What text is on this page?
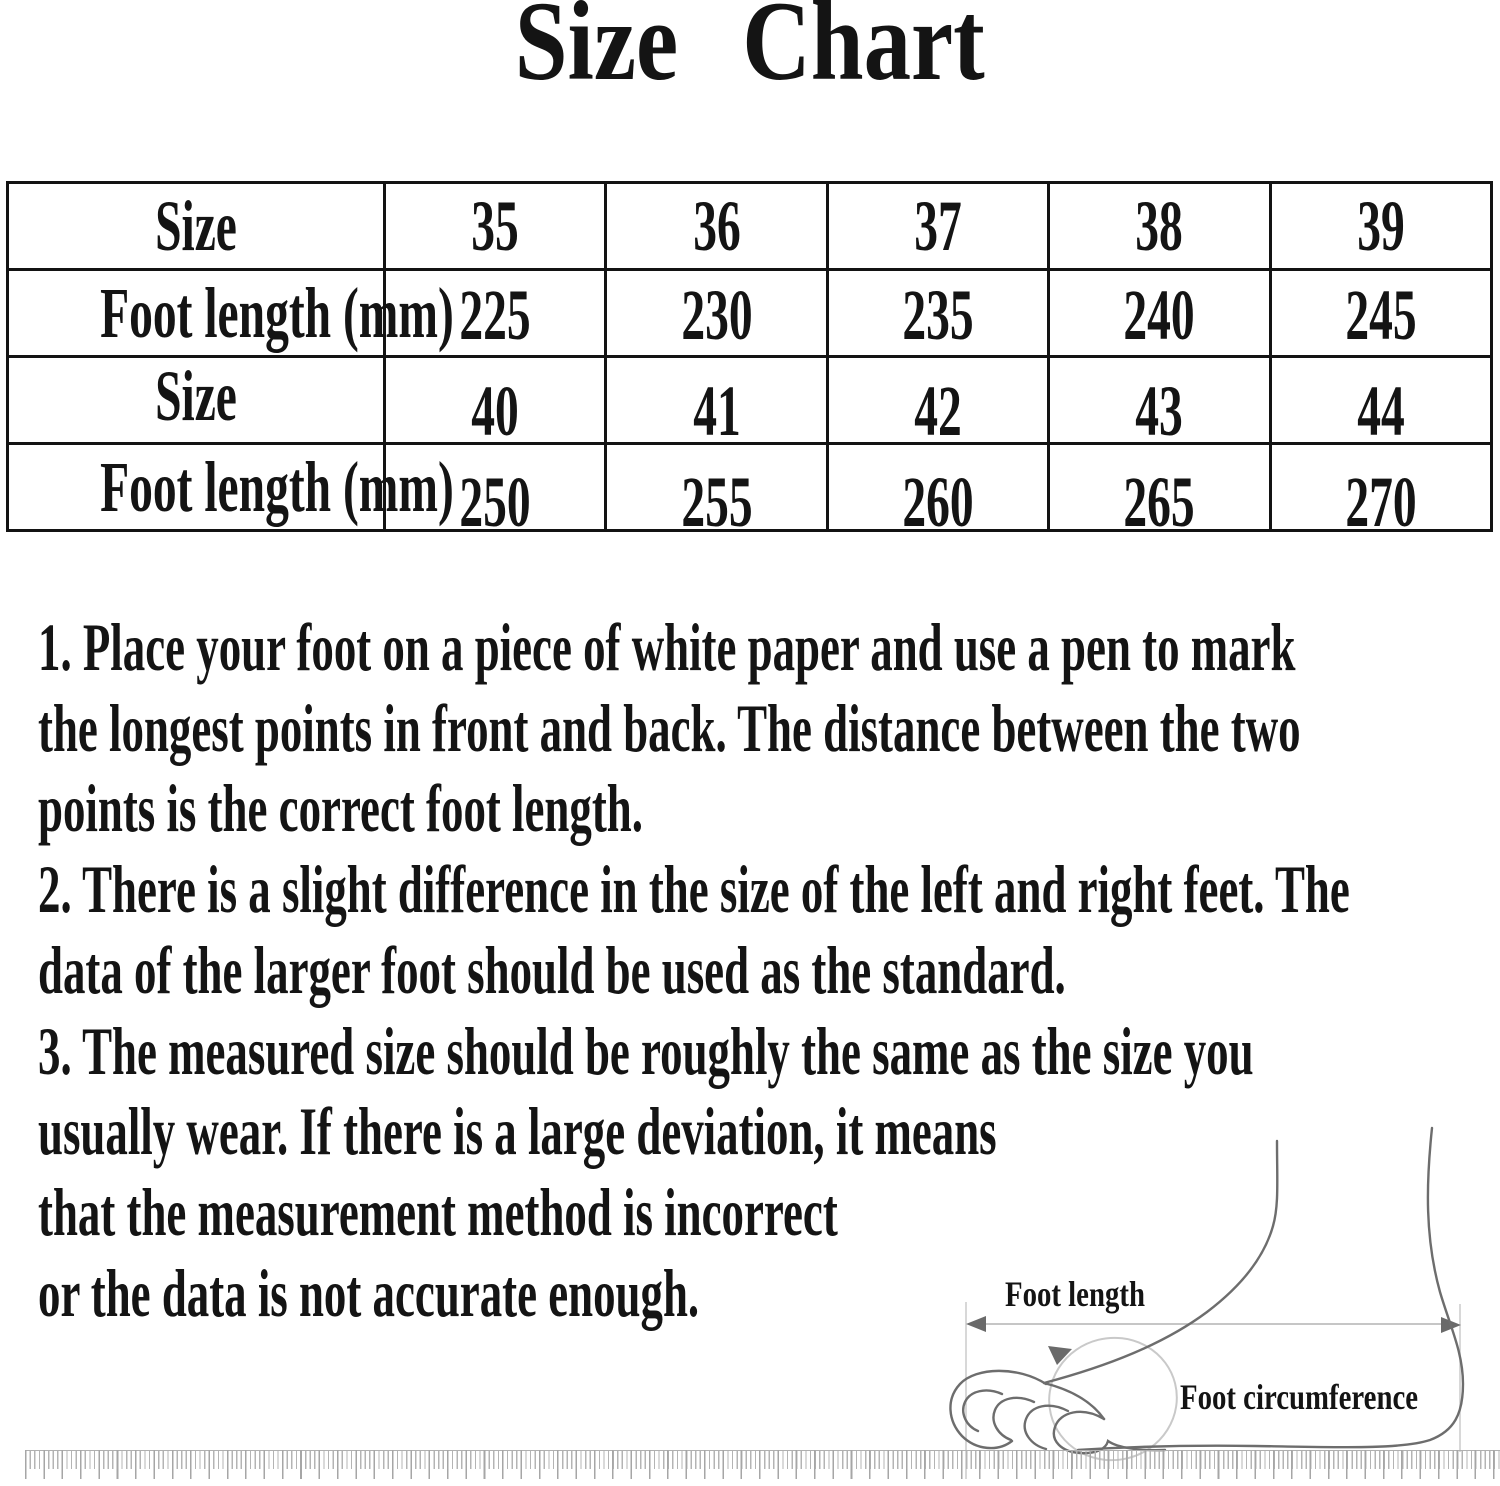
Size Chart
Size	35	36	37	38	39
Foot length (mm)	225	230	235	240	245
Size	40	41	42	43	44
Foot length (mm)	250	255	260	265	270
1. Place your foot on a piece of white paper and use a pen to mark
the longest points in front and back. The distance between the two
points is the correct foot length.
2. There is a slight difference in the size of the left and right feet. The
data of the larger foot should be used as the standard.
3. The measured size should be roughly the same as the size you
usually wear. If there is a large deviation, it means
that the measurement method is incorrect
or the data is not accurate enough.	Foot length
Foot circumference
